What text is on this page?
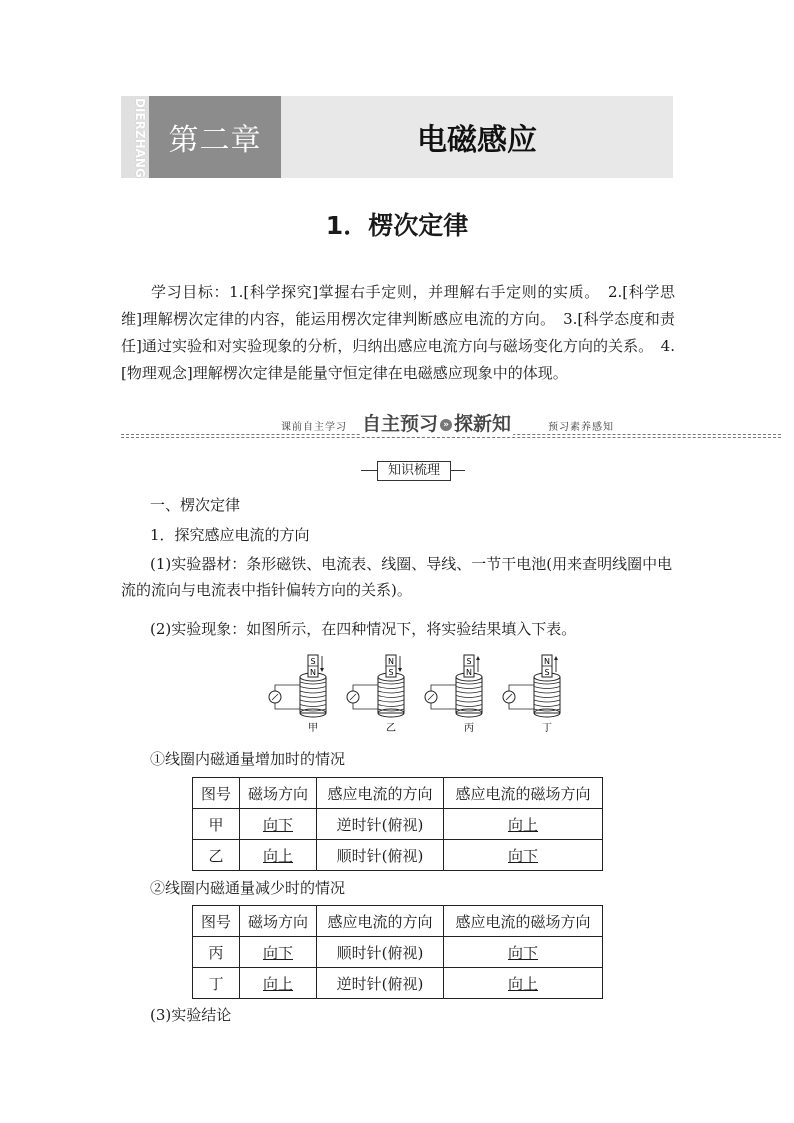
DIERZHANG 第二章	电磁感应
1．楞次定律
学习目标：1.[科学探究]掌握右手定则，并理解右手定则的实质。　2.[科学思维]理解楞次定律的内容，能运用楞次定律判断感应电流的方向。　3.[科学态度和责任]通过实验和对实验现象的分析，归纳出感应电流方向与磁场变化方向的关系。　4.[物理观念]理解楞次定律是能量守恒定律在电磁感应现象中的体现。
课前自主学习 自主预习 » 探新知	预习素养感知
知识梳理
一、楞次定律
1．探究感应电流的方向
(1)实验器材：条形磁铁、电流表、线圈、导线、一节干电池(用来查明线圈中电流的流向与电流表中指针偏转方向的关系)。
(2)实验现象：如图所示，在四种情况下，将实验结果填入下表。
S
N
甲
N
S
乙
S
N
丙
N
S
丁
①线圈内磁通量增加时的情况
图号	磁场方向	感应电流的方向	感应电流的磁场方向
甲	向下	逆时针(俯视)	向上
乙	向上	顺时针(俯视)	向下
②线圈内磁通量减少时的情况
图号	磁场方向	感应电流的方向	感应电流的磁场方向
丙	向下	顺时针(俯视)	向下
丁	向上	逆时针(俯视)	向上
(3)实验结论
